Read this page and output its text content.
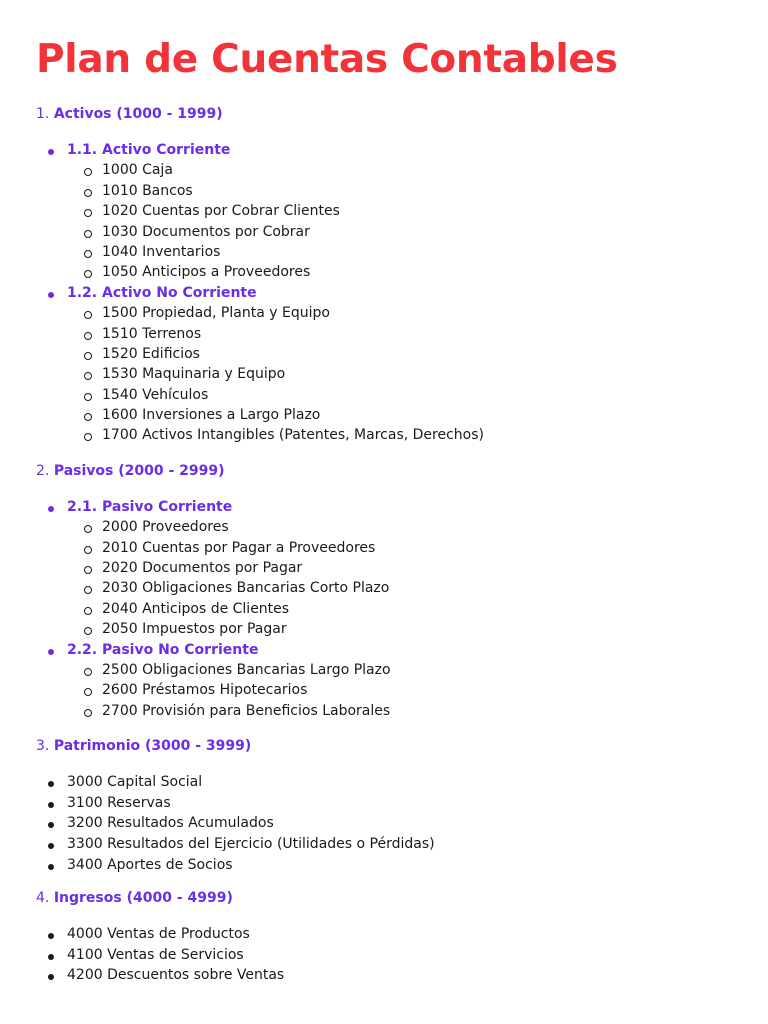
Plan de Cuentas Contables

1. Activos (1000 - 1999)

1.1. Activo Corriente
1000 Caja
1010 Bancos
1020 Cuentas por Cobrar Clientes
1030 Documentos por Cobrar
1040 Inventarios
1050 Anticipos a Proveedores
1.2. Activo No Corriente
1500 Propiedad, Planta y Equipo
1510 Terrenos
1520 Edificios
1530 Maquinaria y Equipo
1540 Vehículos
1600 Inversiones a Largo Plazo
1700 Activos Intangibles (Patentes, Marcas, Derechos)

2. Pasivos (2000 - 2999)

2.1. Pasivo Corriente
2000 Proveedores
2010 Cuentas por Pagar a Proveedores
2020 Documentos por Pagar
2030 Obligaciones Bancarias Corto Plazo
2040 Anticipos de Clientes
2050 Impuestos por Pagar
2.2. Pasivo No Corriente
2500 Obligaciones Bancarias Largo Plazo
2600 Préstamos Hipotecarios
2700 Provisión para Beneficios Laborales

3. Patrimonio (3000 - 3999)

3000 Capital Social
3100 Reservas
3200 Resultados Acumulados
3300 Resultados del Ejercicio (Utilidades o Pérdidas)
3400 Aportes de Socios

4. Ingresos (4000 - 4999)

4000 Ventas de Productos
4100 Ventas de Servicios
4200 Descuentos sobre Ventas
